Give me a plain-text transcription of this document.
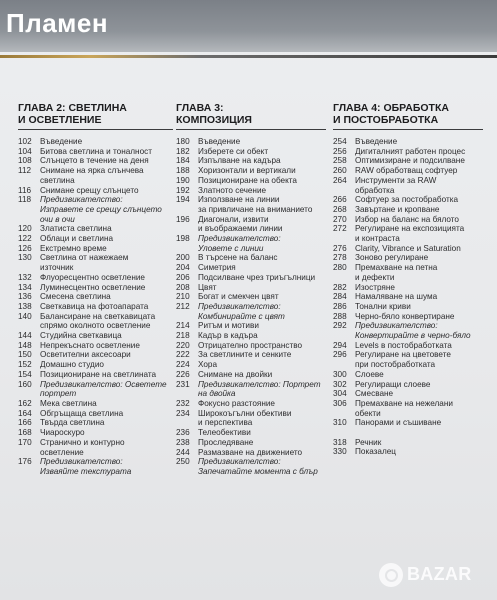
Пламен
ГЛАВА 2: СВЕТЛИНА
И ОСВЕТЛЕНИЕ
102	Въведение
104	Битова светлина и тоналност
108	Слънцето в течение на деня
112	Снимане на ярка слънчева
светлина
116	Снимане срещу слънцето
118	Предизвикателство:
Изправете се срещу слънцето
очи в очи
120	Златиста светлина
122	Облаци и светлина
126	Екстремно време
130	Светлина от нажежаем
източник
132	Флуоресцентно осветление
134	Луминесцентно осветление
136	Смесена светлина
138	Светкавица на фотоапарата
140	Балансиране на светкавицата
спрямо околното осветление
144	Студийна светкавица
148	Непрекъснато осветление
150	Осветителни аксесоари
152	Домашно студио
154	Позициониране на светлината
160	Предизвикателство: Осветете
портрет
162	Мека светлина
164	Обгръщаща светлина
166	Твърда светлина
168	Чиароскуро
170	Странично и контурно
осветление
176	Предизвикателство:
Изваяйте текстурата
ГЛАВА 3:
КОМПОЗИЦИЯ
180	Въведение
182	Изберете си обект
184	Изпълване на кадъра
188	Хоризонтали и вертикали
190	Позициониране на обекта
192	Златното сечение
194	Използване на линии
за привличане на вниманието
196	Диагонали, извити
и въображаеми линии
198	Предизвикателство:
Уловете с линии
200	В търсене на баланс
204	Симетрия
206	Подсилване чрез триъгълници
208	Цвят
210	Богат и смекчен цвят
212	Предизвикателство:
Комбинирайте с цвят
214	Ритъм и мотиви
218	Кадър в кадъра
220	Отрицателно пространство
222	За светлините и сенките
224	Хора
226	Снимане на двойки
231	Предизвикателство: Портрет
на двойка
232	Фокусно разстояние
234	Широкоъгълни обективи
и перспектива
236	Телеобективи
238	Проследяване
244	Размазване на движението
250	Предизвикателство:
Запечатайте момента с блър
ГЛАВА 4: ОБРАБОТКА
И ПОСТОБРАБОТКА
254	Въведение
256	Дигиталният работен процес
258	Оптимизиране и подсилване
260	RAW обработващ софтуер
264	Инструменти за RAW
обработка
266	Софтуер за постобработка
268	Завъртане и кропване
270	Избор на баланс на бялото
272	Регулиране на експозицията
и контраста
276	Clarity, Vibrance и Saturation
278	Зоново регулиране
280	Премахване на петна
и дефекти
282	Изостряне
284	Намаляване на шума
286	Тонални криви
288	Черно-бяло конвертиране
292	Предизвикателство:
Конвертирайте в черно-бяло
294	Levels в постобработката
296	Регулиране на цветовете
при постобработката
300	Слоеве
302	Регулиращи слоеве
304	Смесване
306	Премахване на нежелани
обекти
310	Панорами и съшиване
318	Речник
330	Показалец
BAZAR
